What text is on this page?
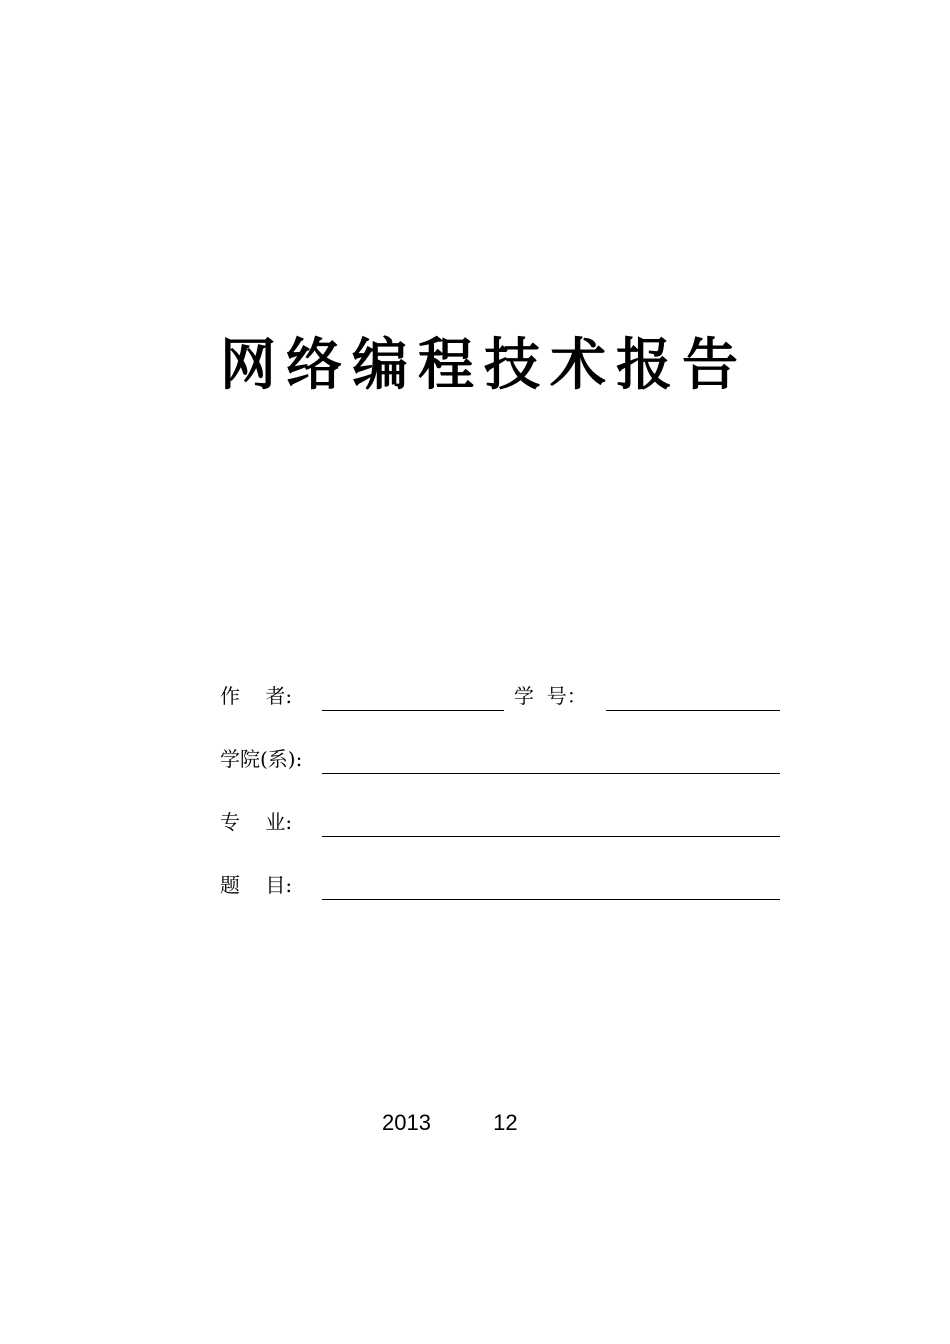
网络编程技术报告
作    者:	学  号：
学院(系):
专    业:
题    目:
2013	12
